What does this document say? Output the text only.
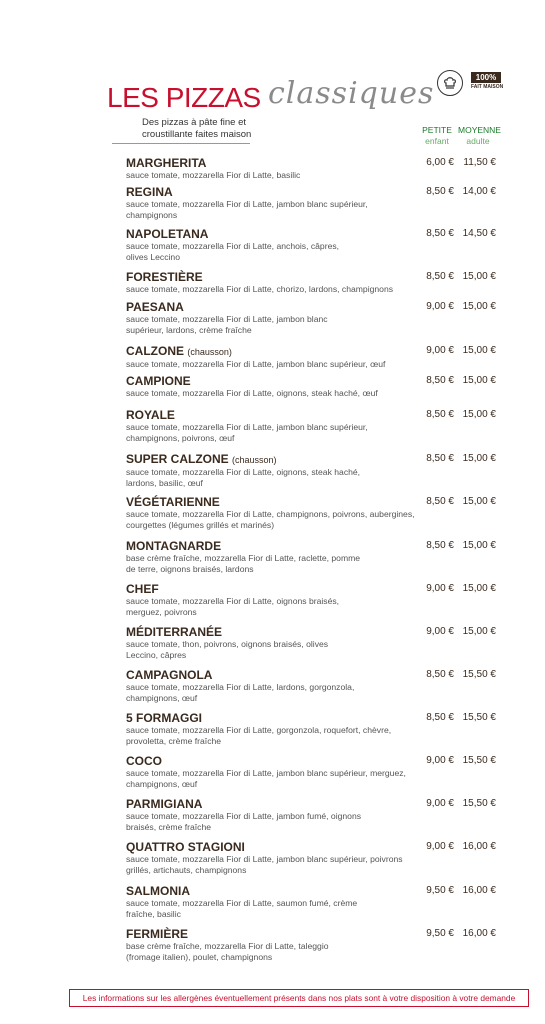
LES PIZZAS classiques
Des pizzas à pâte fine et croustillante faites maison
100%
FAIT MAISON
PETITE
enfant
MOYENNE
adulte
MARGHERITA
sauce tomate, mozzarella Fior di Latte, basilic
6,00 € 11,50 €
REGINA
sauce tomate, mozzarella Fior di Latte, jambon blanc supérieur, champignons
8,50 € 14,00 €
NAPOLETANA
sauce tomate, mozzarella Fior di Latte, anchois, câpres, olives Leccino
8,50 € 14,50 €
FORESTIÈRE
sauce tomate, mozzarella Fior di Latte, chorizo, lardons, champignons
8,50 € 15,00 €
PAESANA
sauce tomate, mozzarella Fior di Latte, jambon blanc supérieur, lardons, crème fraîche
9,00 € 15,00 €
CALZONE (chausson)
sauce tomate, mozzarella Fior di Latte, jambon blanc supérieur, œuf
9,00 € 15,00 €
CAMPIONE
sauce tomate, mozzarella Fior di Latte, oignons, steak haché, œuf
8,50 € 15,00 €
ROYALE
sauce tomate, mozzarella Fior di Latte, jambon blanc supérieur, champignons, poivrons, œuf
8,50 € 15,00 €
SUPER CALZONE (chausson)
sauce tomate, mozzarella Fior di Latte, oignons, steak haché, lardons, basilic, œuf
8,50 € 15,00 €
VÉGÉTARIENNE
sauce tomate, mozzarella Fior di Latte, champignons, poivrons, aubergines, courgettes (légumes grillés et marinés)
8,50 € 15,00 €
MONTAGNARDE
base crème fraîche, mozzarella Fior di Latte, raclette, pomme de terre, oignons braisés, lardons
8,50 € 15,00 €
CHEF
sauce tomate, mozzarella Fior di Latte, oignons braisés, merguez, poivrons
9,00 € 15,00 €
MÉDITERRANÉE
sauce tomate, thon, poivrons, oignons braisés, olives Leccino, câpres
9,00 € 15,00 €
CAMPAGNOLA
sauce tomate, mozzarella Fior di Latte, lardons, gorgonzola, champignons, œuf
8,50 € 15,50 €
5 FORMAGGI
sauce tomate, mozzarella Fior di Latte, gorgonzola, roquefort, chèvre, provoletta, crème fraîche
8,50 € 15,50 €
COCO
sauce tomate, mozzarella Fior di Latte, jambon blanc supérieur, merguez, champignons, œuf
9,00 € 15,50 €
PARMIGIANA
sauce tomate, mozzarella Fior di Latte, jambon fumé, oignons braisés, crème fraîche
9,00 € 15,50 €
QUATTRO STAGIONI
sauce tomate, mozzarella Fior di Latte, jambon blanc supérieur, poivrons grillés, artichauts, champignons
9,00 € 16,00 €
SALMONIA
sauce tomate, mozzarella Fior di Latte, saumon fumé, crème fraîche, basilic
9,50 € 16,00 €
FERMIÈRE
base crème fraîche, mozzarella Fior di Latte, taleggio (fromage italien), poulet, champignons
9,50 € 16,00 €
Les informations sur les allergènes éventuellement présents dans nos plats sont à votre disposition à votre demande
